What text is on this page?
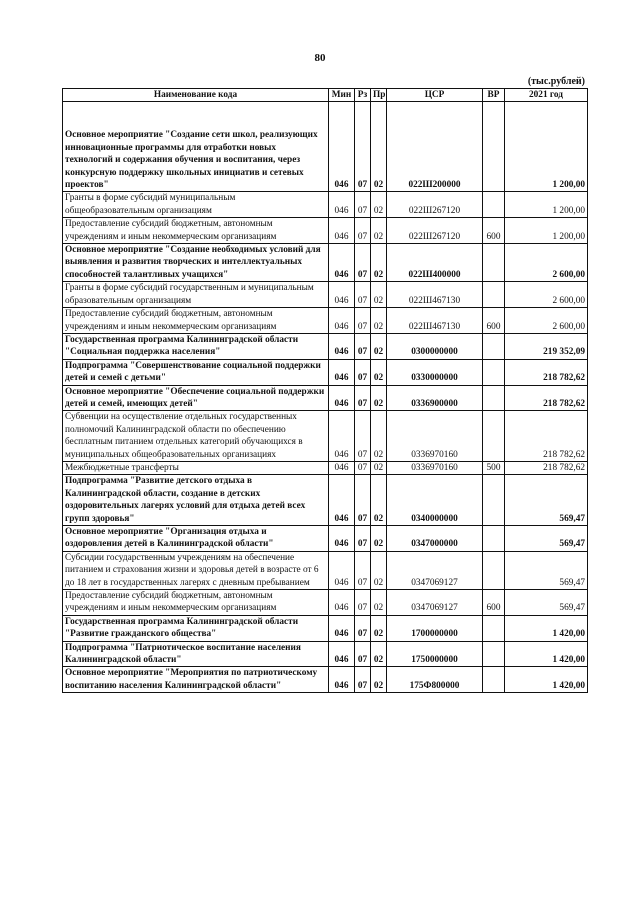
80
(тыс.рублей)
Наименование кода	Мин	Рз	Пр	ЦСР	ВР	2021 год
Основное мероприятие "Создание сети школ, реализующих инновационные программы для отработки новых технологий и содержания обучения и воспитания, через конкурсную поддержку школьных инициатив и сетевых проектов"	046	07	02	022Ш200000		1 200,00
Гранты в форме субсидий муниципальным общеобразовательным организациям	046	07	02	022Ш267120		1 200,00
Предоставление субсидий бюджетным, автономным учреждениям и иным некоммерческим организациям	046	07	02	022Ш267120	600	1 200,00
Основное мероприятие "Создание необходимых условий для выявления и развития творческих и интеллектуальных способностей талантливых учащихся"	046	07	02	022Ш400000		2 600,00
Гранты в форме субсидий государственным и муниципальным образовательным организациям	046	07	02	022Ш467130		2 600,00
Предоставление субсидий бюджетным, автономным учреждениям и иным некоммерческим организациям	046	07	02	022Ш467130	600	2 600,00
Государственная программа Калининградской области "Социальная поддержка населения"	046	07	02	0300000000		219 352,09
Подпрограмма "Совершенствование социальной поддержки детей и семей с детьми"	046	07	02	0330000000		218 782,62
Основное мероприятие "Обеспечение социальной поддержки детей и семей, имеющих детей"	046	07	02	0336900000		218 782,62
Субвенции на осуществление отдельных государственных полномочий Калининградской области по обеспечению бесплатным питанием отдельных категорий обучающихся в муниципальных общеобразовательных организациях	046	07	02	0336970160		218 782,62
Межбюджетные трансферты	046	07	02	0336970160	500	218 782,62
Подпрограмма "Развитие детского отдыха в Калининградской области, создание в детских оздоровительных лагерях условий для отдыха детей всех групп здоровья"	046	07	02	0340000000		569,47
Основное мероприятие "Организация отдыха и оздоровления детей в Калининградской области"	046	07	02	0347000000		569,47
Субсидии государственным учреждениям на обеспечение питанием и страхования жизни и здоровья детей в возрасте от 6 до 18 лет в государственных лагерях с дневным пребыванием	046	07	02	0347069127		569,47
Предоставление субсидий бюджетным, автономным учреждениям и иным некоммерческим организациям	046	07	02	0347069127	600	569,47
Государственная программа Калининградской области "Развитие гражданского общества"	046	07	02	1700000000		1 420,00
Подпрограмма "Патриотическое воспитание населения Калининградской области"	046	07	02	1750000000		1 420,00
Основное мероприятие "Мероприятия по патриотическому воспитанию населения Калининградской области"	046	07	02	175Ф800000		1 420,00
